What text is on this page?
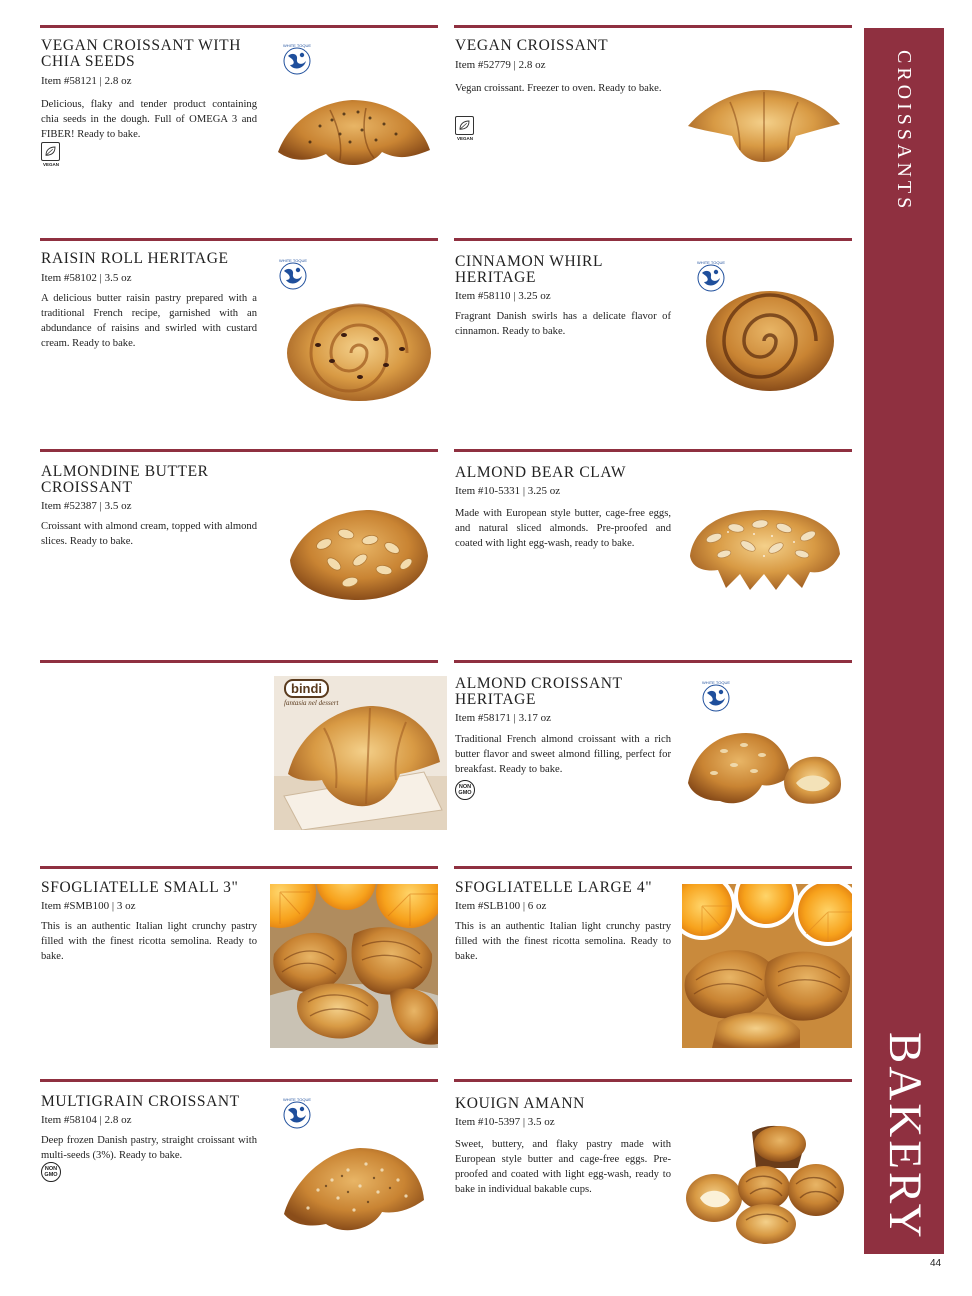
VEGAN CROISSANT WITH CHIA SEEDS
Item #58121 | 2.8 oz
Delicious, flaky and tender product containing chia seeds in the dough. Full of OMEGA 3 and FIBER! Ready to bake.
VEGAN
VEGAN CROISSANT
Item #52779 | 2.8 oz
Vegan croissant. Freezer to oven. Ready to bake.
VEGAN
RAISIN ROLL HERITAGE
Item #58102 | 3.5 oz
A delicious butter raisin pastry prepared with a traditional French recipe, garnished with an abdundance of raisins and swirled with custard cream. Ready to bake.
CINNAMON WHIRL HERITAGE
Item #58110 | 3.25 oz
Fragrant Danish swirls has a delicate flavor of cinnamon. Ready to bake.
ALMONDINE BUTTER CROISSANT
Item #52387 | 3.5 oz
Croissant with almond cream, topped with almond slices. Ready to bake.
ALMOND BEAR CLAW
Item #10-5331 | 3.25 oz
Made with European style butter, cage-free eggs, and natural sliced almonds. Pre-proofed and coated with light egg-wash, ready to bake.
bindi
fantasia nel dessert
ALMOND CROISSANT HERITAGE
Item #58171 | 3.17 oz
Traditional French almond croissant with a rich butter flavor and sweet almond filling, perfect for breakfast. Ready to bake.
NON GMO
SFOGLIATELLE SMALL 3"
Item #SMB100 | 3 oz
This is an authentic Italian light crunchy pastry filled with the finest ricotta semolina. Ready to bake.
SFOGLIATELLE LARGE 4"
Item #SLB100 | 6 oz
This is an authentic Italian light crunchy pastry filled with the finest ricotta semolina. Ready to bake.
MULTIGRAIN CROISSANT
Item #58104 | 2.8 oz
Deep frozen Danish pastry, straight croissant with multi-seeds (3%). Ready to bake.
NON GMO
KOUIGN AMANN
Item #10-5397 | 3.5 oz
Sweet, buttery, and flaky pastry made with European style butter and cage-free eggs. Pre-proofed and coated with light egg-wash, ready to bake in individual bakable cups.
CROISSANTS
BAKERY
44
